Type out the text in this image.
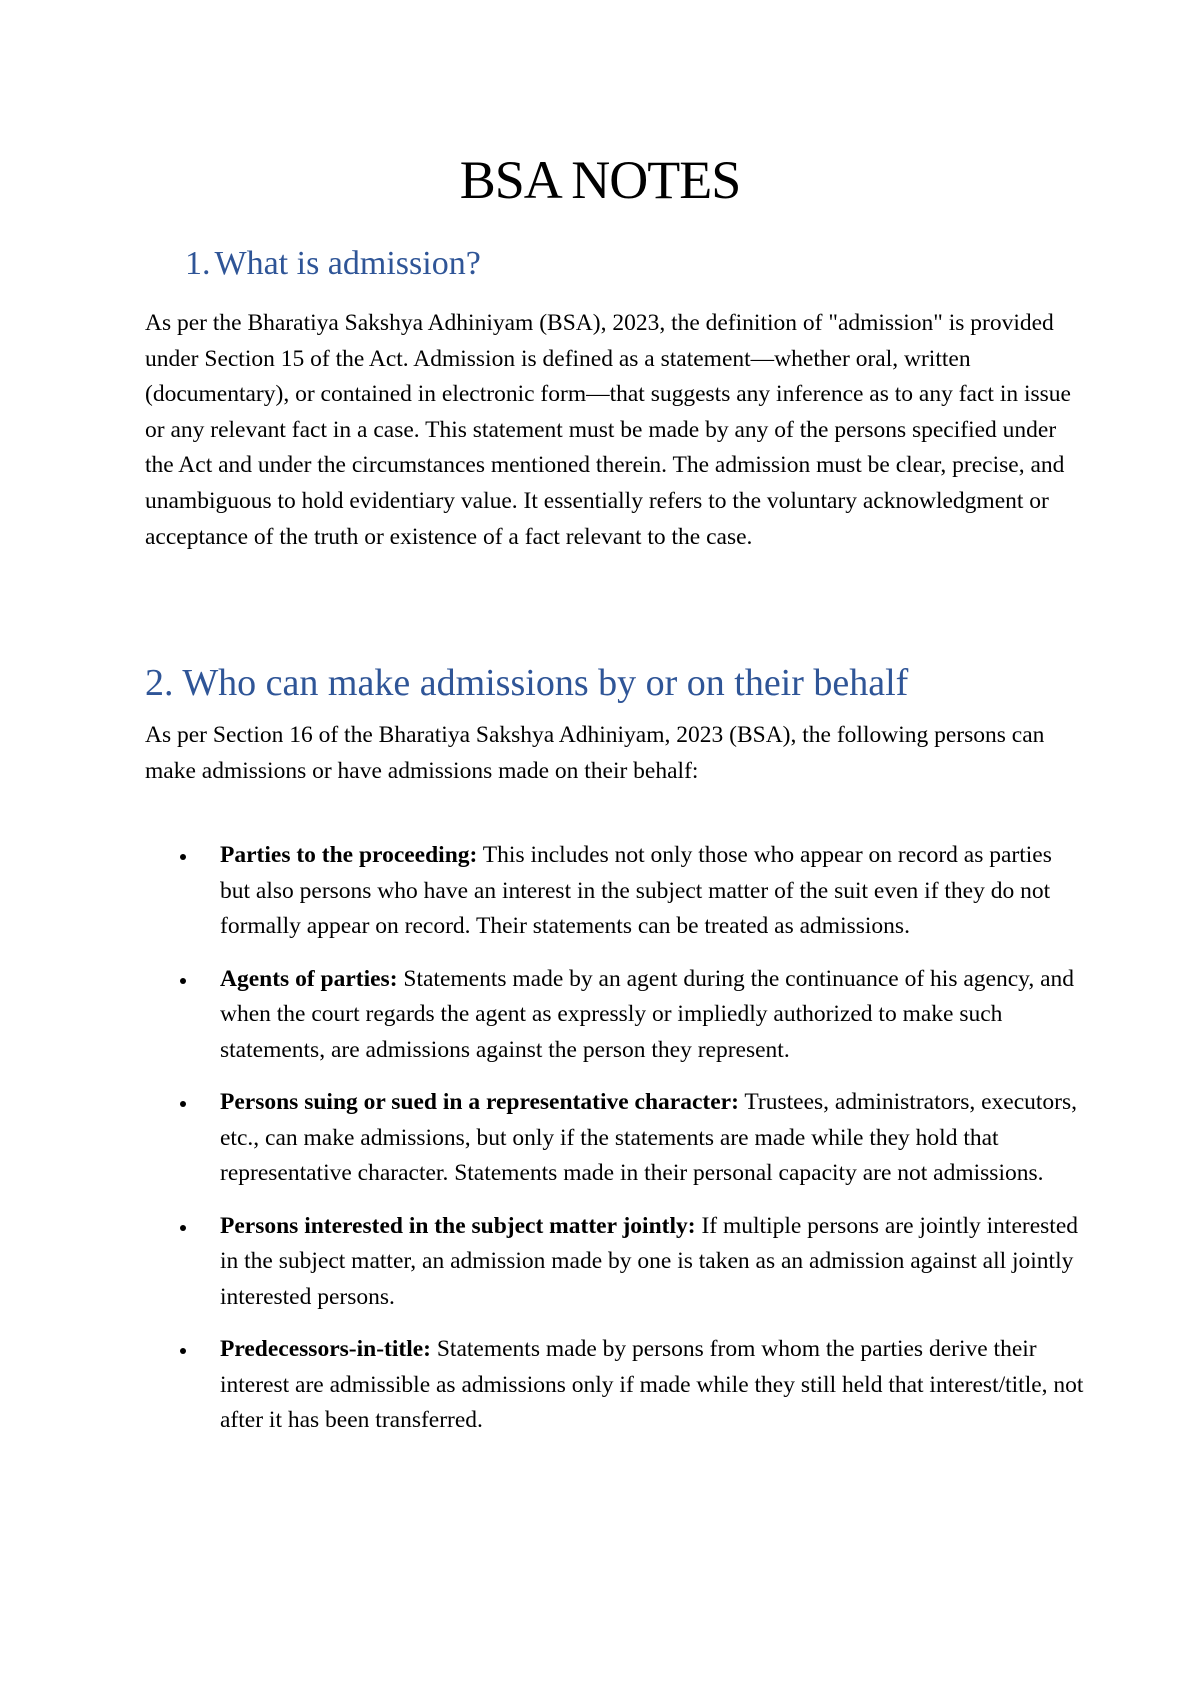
BSA NOTES
1. What is admission?

As per the Bharatiya Sakshya Adhiniyam (BSA), 2023, the definition of "admission" is provided under Section 15 of the Act. Admission is defined as a statement—whether oral, written (documentary), or contained in electronic form—that suggests any inference as to any fact in issue or any relevant fact in a case. This statement must be made by any of the persons specified under the Act and under the circumstances mentioned therein. The admission must be clear, precise, and unambiguous to hold evidentiary value. It essentially refers to the voluntary acknowledgment or acceptance of the truth or existence of a fact relevant to the case.

2. Who can make admissions by or on their behalf

As per Section 16 of the Bharatiya Sakshya Adhiniyam, 2023 (BSA), the following persons can make admissions or have admissions made on their behalf:

Parties to the proceeding: This includes not only those who appear on record as parties but also persons who have an interest in the subject matter of the suit even if they do not formally appear on record. Their statements can be treated as admissions.
Agents of parties: Statements made by an agent during the continuance of his agency, and when the court regards the agent as expressly or impliedly authorized to make such statements, are admissions against the person they represent.
Persons suing or sued in a representative character: Trustees, administrators, executors, etc., can make admissions, but only if the statements are made while they hold that representative character. Statements made in their personal capacity are not admissions.
Persons interested in the subject matter jointly: If multiple persons are jointly interested in the subject matter, an admission made by one is taken as an admission against all jointly interested persons.
Predecessors-in-title: Statements made by persons from whom the parties derive their interest are admissible as admissions only if made while they still held that interest/title, not after it has been transferred.
